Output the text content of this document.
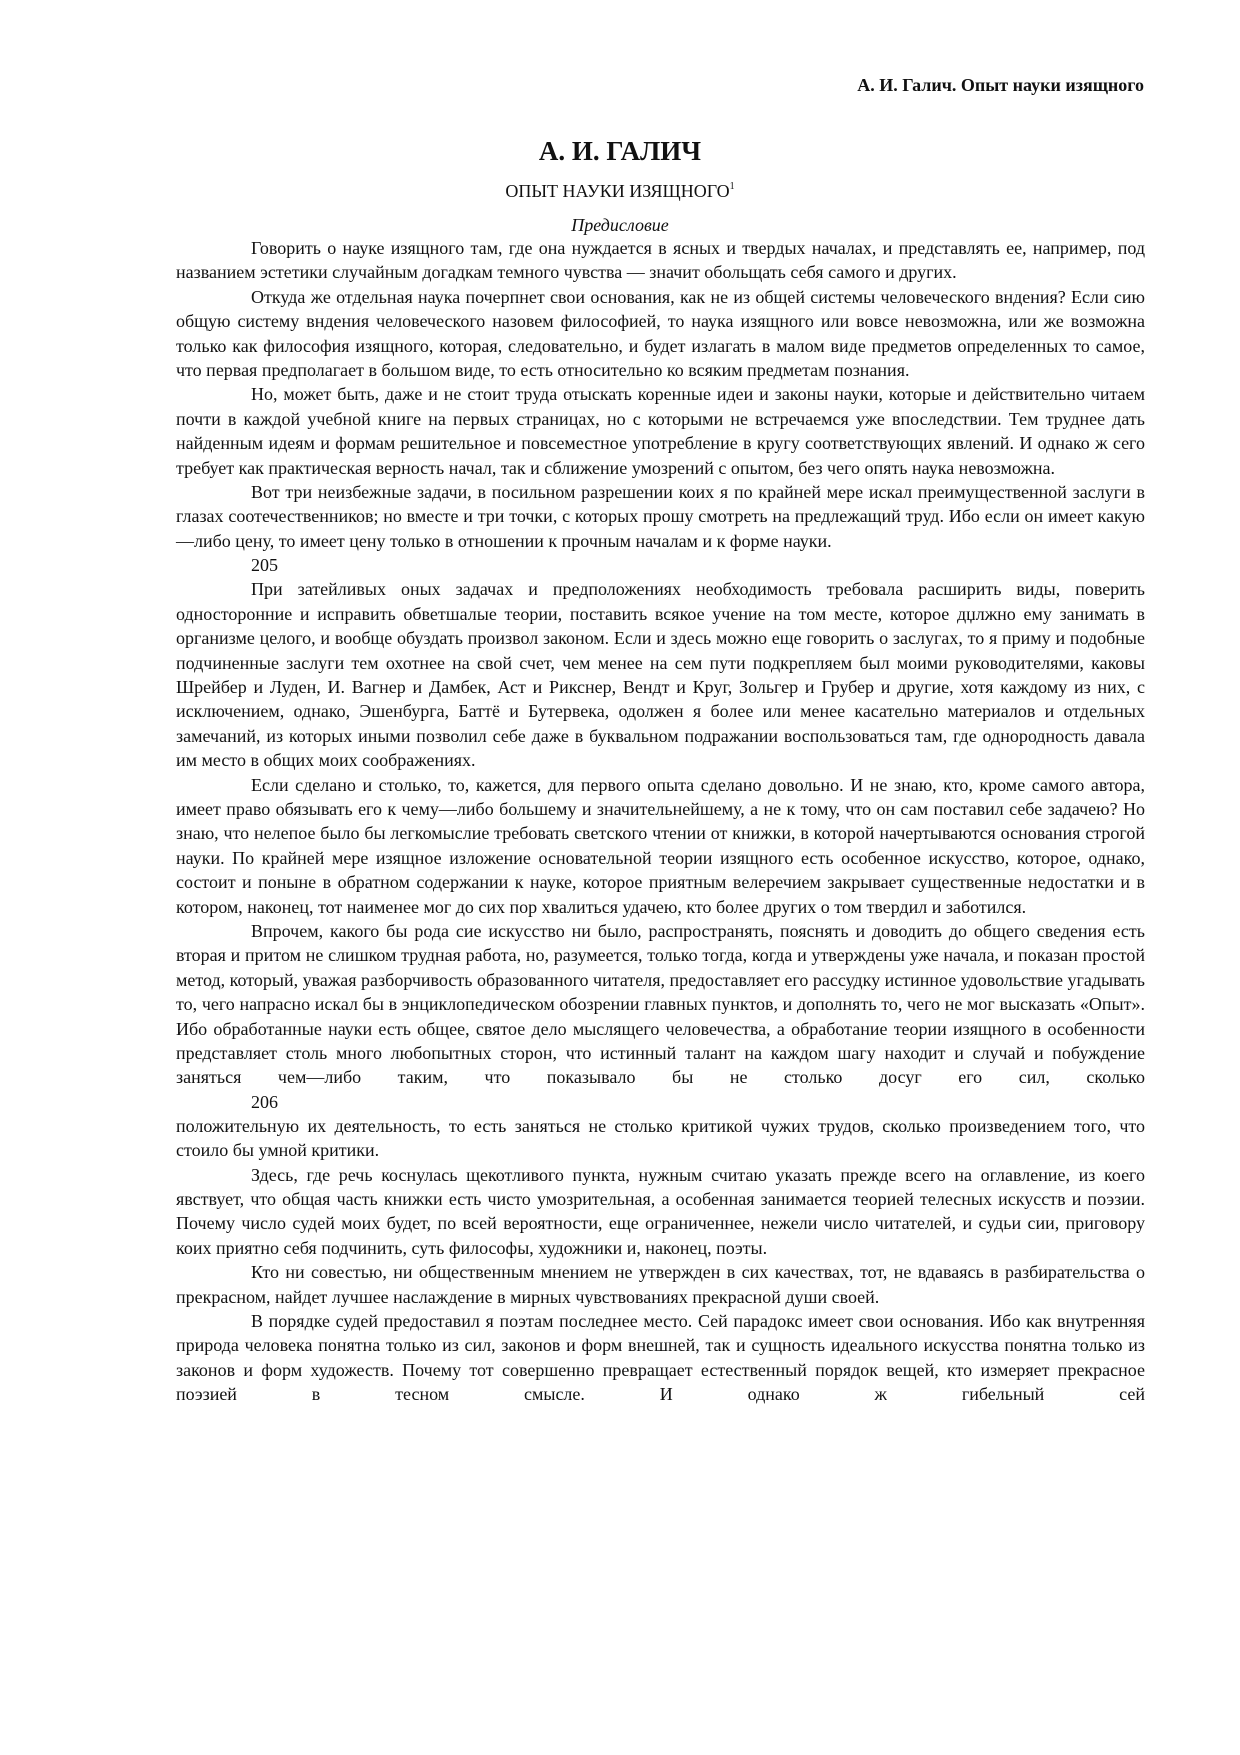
А. И. Галич. Опыт науки изящного
А. И. ГАЛИЧ
ОПЫТ НАУКИ ИЗЯЩНОГО$^1$
Предисловие

Говорить о науке изящного там, где она нуждается в ясных и твердых началах, и представлять ее, например, под названием эстетики случайным догадкам темного чувства — значит обольщать себя самого и других.

Откуда же отдельная наука почерпнет свои основания, как не из общей системы человеческого вндения? Если сию общую систему вндения человеческого назовем философией, то наука изящного или вовсе невозможна, или же возможна только как философия изящного, которая, следовательно, и будет излагать в малом виде предметов определенных то самое, что первая предполагает в большом виде, то есть относительно ко всяким предметам познания.

Но, может быть, даже и не стоит труда отыскать коренные идеи и законы науки, которые и действительно читаем почти в каждой учебной книге на первых страницах, но с которыми не встречаемся уже впоследствии. Тем труднее дать найденным идеям и формам решительное и повсеместное употребление в кругу соответствующих явлений. И однако ж сего требует как практическая верность начал, так и сближение умозрений с опытом, без чего опять наука невозможна.

Вот три неизбежные задачи, в посильном разрешении коих я по крайней мере искал преимущественной заслуги в глазах соотечественников; но вместе и три точки, с которых прошу смотреть на предлежащий труд. Ибо если он имеет какую—либо цену, то имеет цену только в отношении к прочным началам и к форме науки.

205

При затейливых оных задачах и предположениях необходимость требовала расширить виды, поверить односторонние и исправить обветшалые теории, поставить всякое учение на том месте, которое дџлжно ему занимать в организме целого, и вообще обуздать произвол законом. Если и здесь можно еще говорить о заслугах, то я приму и подобные подчиненные заслуги тем охотнее на свой счет, чем менее на сем пути подкрепляем был моими руководителями, каковы Шрейбер и Луден, И. Вагнер и Дамбек, Аст и Рикснер, Вендт и Круг, Зольгер и Грубер и другие, хотя каждому из них, с исключением, однако, Эшенбурга, Баттё и Бутервека, одолжен я более или менее касательно материалов и отдельных замечаний, из которых иными позволил себе даже в буквальном подражании воспользоваться там, где однородность давала им место в общих моих соображениях.

Если сделано и столько, то, кажется, для первого опыта сделано довольно. И не знаю, кто, кроме самого автора, имеет право обязывать его к чему—либо большему и значительнейшему, а не к тому, что он сам поставил себе задачею? Но знаю, что нелепое было бы легкомыслие требовать светского чтении от книжки, в которой начертываются основания строгой науки. По крайней мере изящное изложение основательной теории изящного есть особенное искусство, которое, однако, состоит и поныне в обратном содержании к науке, которое приятным велеречием закрывает существенные недостатки и в котором, наконец, тот наименее мог до сих пор хвалиться удачею, кто более других о том твердил и заботился.

Впрочем, какого бы рода сие искусство ни было, распространять, пояснять и доводить до общего сведения есть вторая и притом не слишком трудная работа, но, разумеется, только тогда, когда и утверждены уже начала, и показан простой метод, который, уважая разборчивость образованного читателя, предоставляет его рассудку истинное удовольствие угадывать то, чего напрасно искал бы в энциклопедическом обозрении главных пунктов, и дополнять то, чего не мог высказать «Опыт». Ибо обработанные науки есть общее, святое дело мыслящего человечества, а обработание теории изящного в особенности представляет столь много любопытных сторон, что истинный талант на каждом шагу находит и случай и побуждение заняться чем—либо таким, что показывало бы не столько досуг его сил, сколько

206

положительную их деятельность, то есть заняться не столько критикой чужих трудов, сколько произведением того, что стоило бы умной критики.

Здесь, где речь коснулась щекотливого пункта, нужным считаю указать прежде всего на оглавление, из коего явствует, что общая часть книжки есть чисто умозрительная, а особенная занимается теорией телесных искусств и поэзии. Почему число судей моих будет, по всей вероятности, еще ограниченнее, нежели число читателей, и судьи сии, приговору коих приятно себя подчинить, суть философы, художники и, наконец, поэты.

Кто ни совестью, ни общественным мнением не утвержден в сих качествах, тот, не вдаваясь в разбирательства о прекрасном, найдет лучшее наслаждение в мирных чувствованиях прекрасной души своей.

В порядке судей предоставил я поэтам последнее место. Сей парадокс имеет свои основания. Ибо как внутренняя природа человека понятна только из сил, законов и форм внешней, так и сущность идеального искусства понятна только из законов и форм художеств. Почему тот совершенно превращает естественный порядок вещей, кто измеряет прекрасное поэзией в тесном смысле. И однако ж гибельный сей
